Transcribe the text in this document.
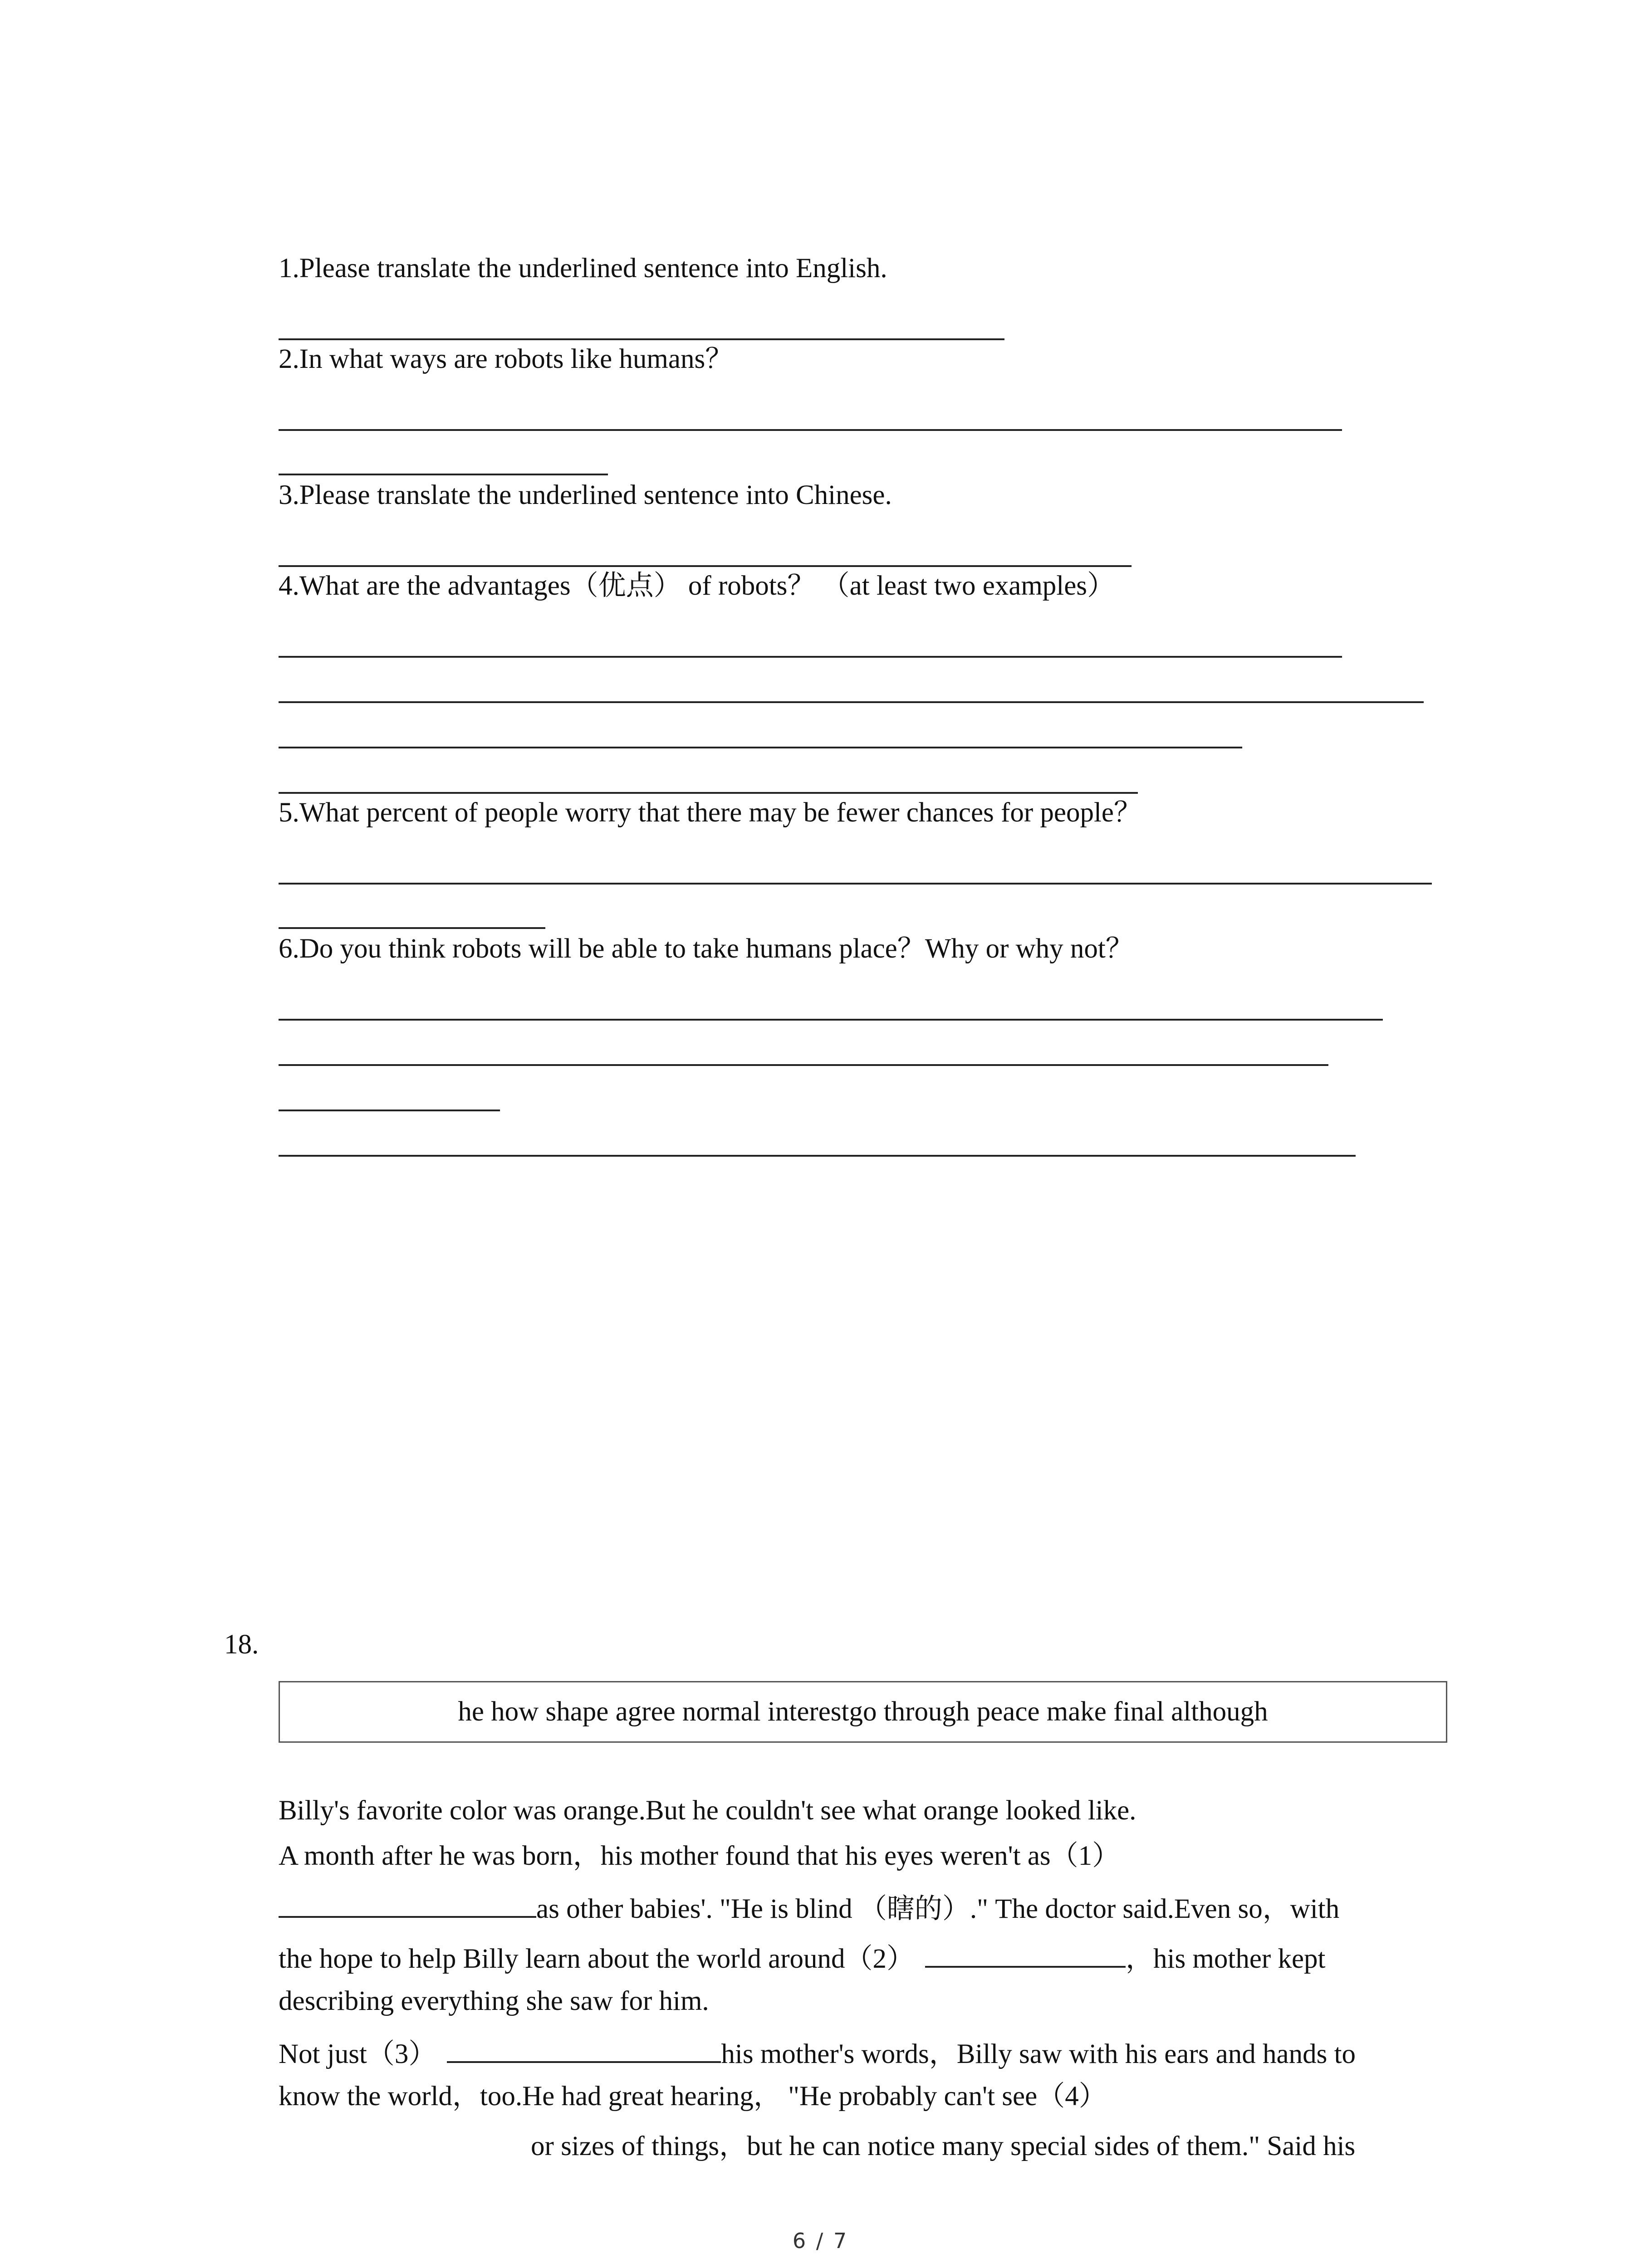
1.Please translate the underlined sentence into English.
2.In what ways are robots like humans？
3.Please translate the underlined sentence into Chinese.
4.What are the advantages（优点） of robots？ （at least two examples）
5.What percent of people worry that there may be fewer chances for people？
6.Do you think robots will be able to take humans place？Why or why not？
18.
he how shape agree normal interestgo through peace make final although
Billy's favorite color was orange.But he couldn't see what orange looked like.
A month after he was born，his mother found that his eyes weren't as（1）
as other babies'. "He is blind （瞎的）." The doctor said.Even so，with
the hope to help Billy learn about the world around（2）	，his mother kept
describing everything she saw for him.
Not just（3）	his mother's words，Billy saw with his ears and hands to
know the world，too.He had great hearing， "He probably can't see（4）
or sizes of things，but he can notice many special sides of them." Said his
6 / 7
